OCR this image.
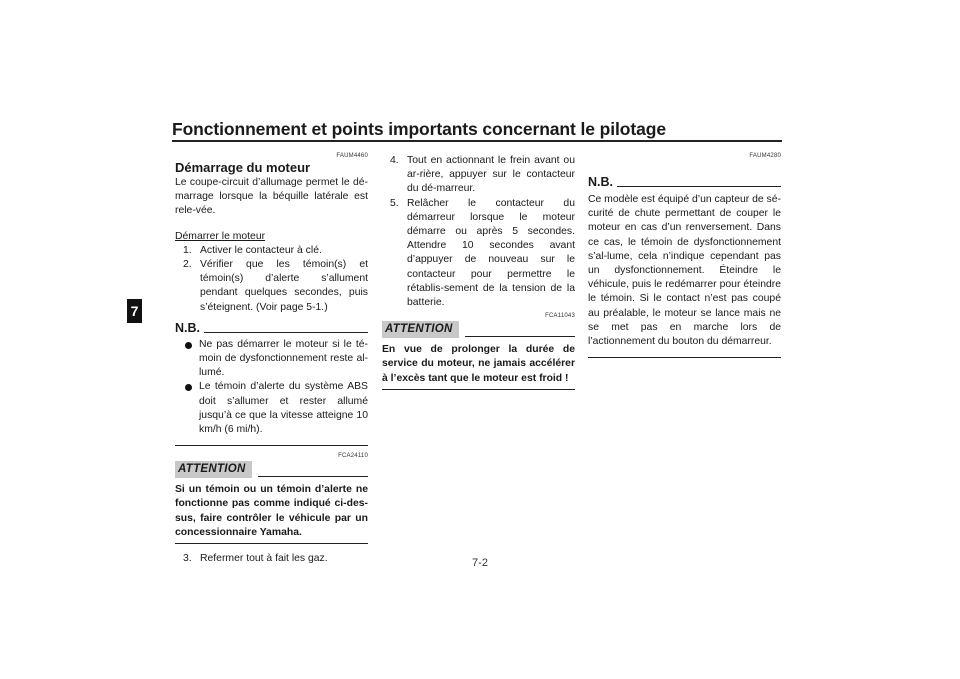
Fonctionnement et points importants concernant le pilotage
7
FAUM4460
Démarrage du moteur

Le coupe-circuit d’allumage permet le dé-marrage lorsque la béquille latérale est rele-vée.

Démarrer le moteur
1. Activer le contacteur à clé.
2. Vérifier que les témoin(s) et témoin(s) d’alerte s’allument pendant quelques secondes, puis s’éteignent. (Voir page 5-1.)
N.B.
Ne pas démarrer le moteur si le té-moin de dysfonctionnement reste al-lumé.
Le témoin d’alerte du système ABS doit s’allumer et rester allumé jusqu’à ce que la vitesse atteigne 10 km/h (6 mi/h).
FCA24110
ATTENTION

Si un témoin ou un témoin d’alerte ne fonctionne pas comme indiqué ci-des-sus, faire contrôler le véhicule par un concessionnaire Yamaha.

3. Refermer tout à fait les gaz.
4. Tout en actionnant le frein avant ou ar-rière, appuyer sur le contacteur du dé-marreur.
5. Relâcher le contacteur du démarreur lorsque le moteur démarre ou après 5 secondes. Attendre 10 secondes avant d’appuyer de nouveau sur le contacteur pour permettre le rétablis-sement de la tension de la batterie.
FCA11043
ATTENTION

En vue de prolonger la durée de service du moteur, ne jamais accélérer à l’excès tant que le moteur est froid !

FAUM4280
N.B.

Ce modèle est équipé d’un capteur de sé-curité de chute permettant de couper le moteur en cas d’un renversement. Dans ce cas, le témoin de dysfonctionnement s’al-lume, cela n’indique cependant pas un dysfonctionnement. Éteindre le véhicule, puis le redémarrer pour éteindre le témoin. Si le contact n’est pas coupé au préalable, le moteur se lance mais ne se met pas en marche lors de l’actionnement du bouton du démarreur.

7-2
